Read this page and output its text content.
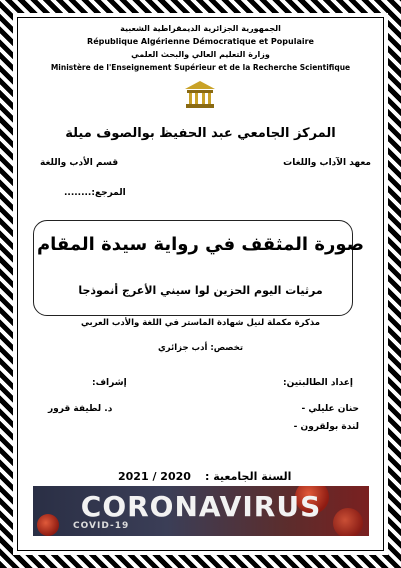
الجمهورية الجزائرية الديمقراطية الشعبية
République Algérienne Démocratique et Populaire
وزارة التعليم العالي والبحث العلمي
Ministère de l'Enseignement Supérieur et de la Recherche Scientifique
المركز الجامعي عبد الحفيظ بوالصوف ميلة
معهد الآداب واللغات
قسم الأدب واللغة
المرجع:........
صورة المثقف في رواية سيدة المقام
مرثيات اليوم الحزين لوا سيني الأعرج أنموذجا
مذكرة مكملة لنيل شهادة الماستر في اللغة والأدب العربي
تخصص: أدب جزائري
إعداد الطالبتين:
إشراف:
حنان عليلي -
لندة بولقرون -
د. لطيفة قرور
2021 / 2020 السنة الجامعية :
CORONAVIRUS
COVID-19
